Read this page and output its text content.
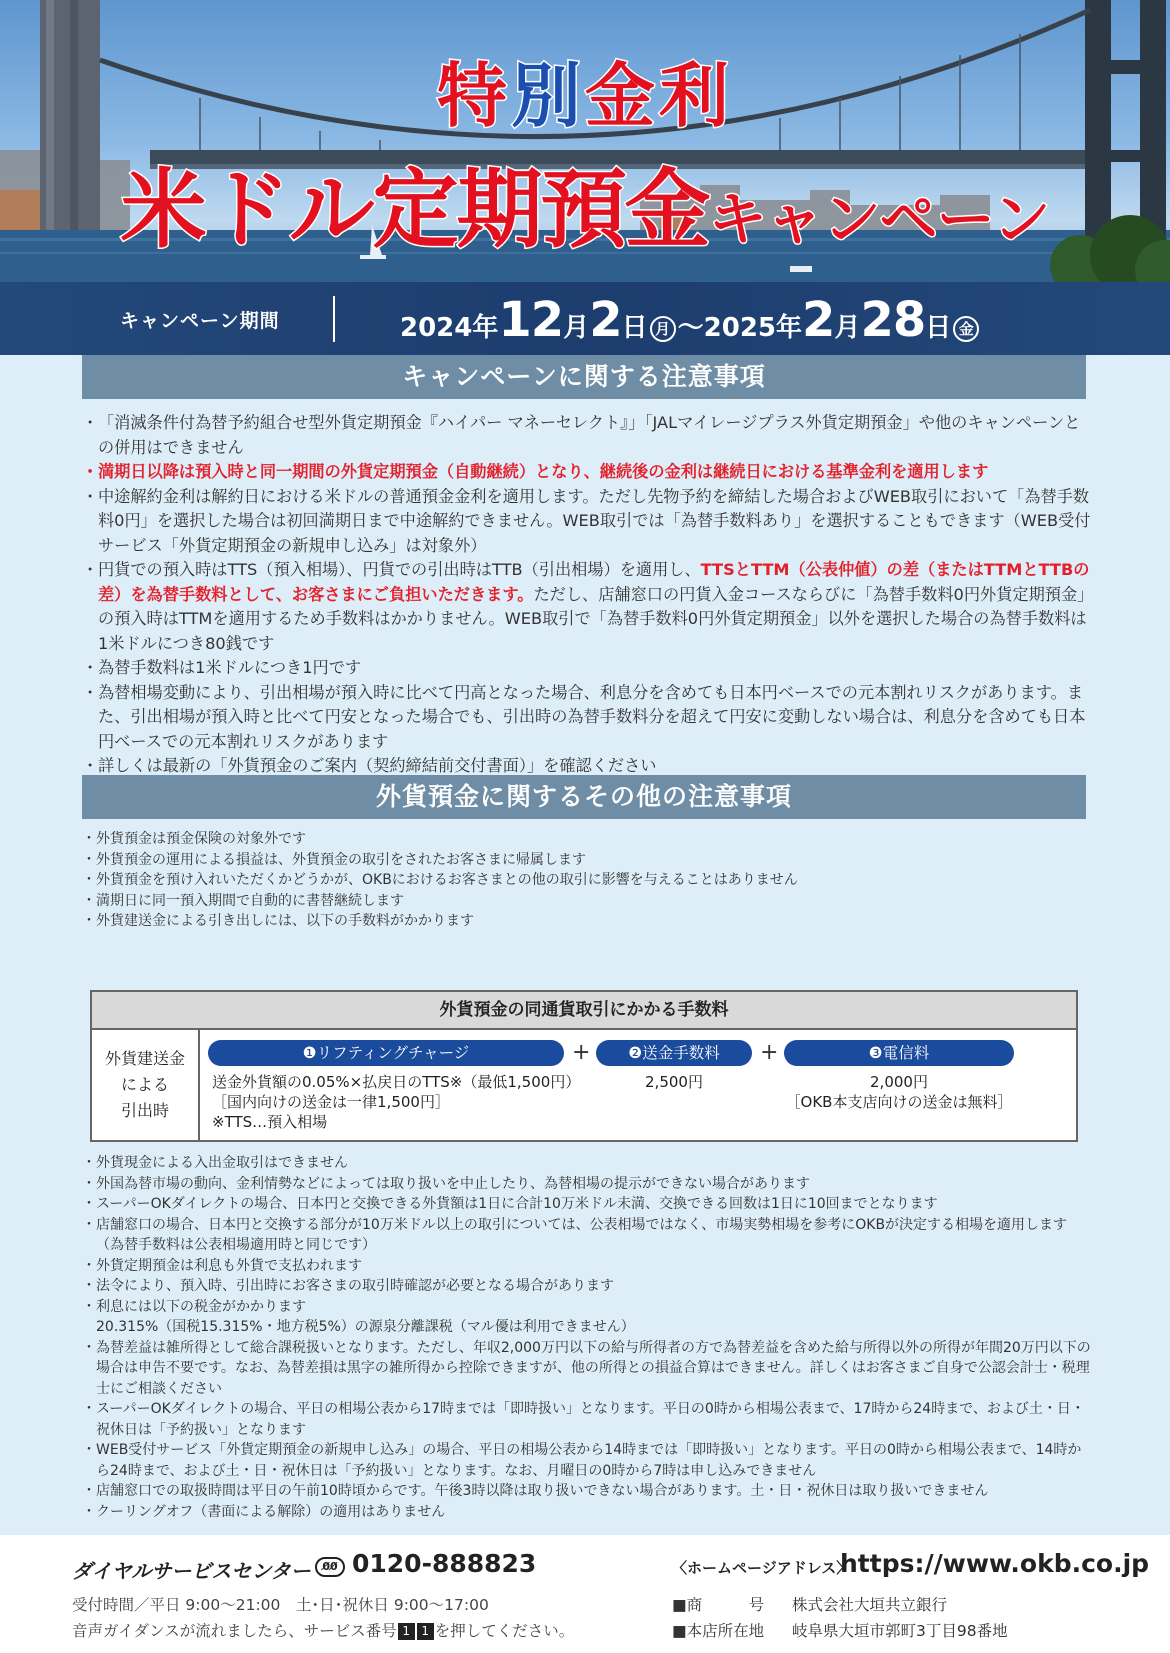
特別金利
米ドル定期預金キャンペーン
キャンペーン期間	2024年12月2日 月 〜2025年2月28日 金
キャンペーンに関する注意事項
・ 「消滅条件付為替予約組合せ型外貨定期預金『ハイパー マネーセレクト』」「JALマイレージプラス外貨定期預金」や他のキャンペーンとの併用はできません
・ 満期日以降は預入時と同一期間の外貨定期預金（自動継続）となり、継続後の金利は継続日における基準金利を適用します
・ 中途解約金利は解約日における米ドルの普通預金金利を適用します。ただし先物予約を締結した場合およびWEB取引において「為替手数料0円」を選択した場合は初回満期日まで中途解約できません。WEB取引では「為替手数料あり」を選択することもできます（WEB受付サービス「外貨定期預金の新規申し込み」は対象外）
・ 円貨での預入時はTTS（預入相場）、円貨での引出時はTTB（引出相場）を適用し、TTSとTTM（公表仲値）の差（またはTTMとTTBの差）を為替手数料として、お客さまにご負担いただきます。ただし、店舗窓口の円貨入金コースならびに「為替手数料0円外貨定期預金」の預入時はTTMを適用するため手数料はかかりません。WEB取引で「為替手数料0円外貨定期預金」以外を選択した場合の為替手数料は1米ドルにつき80銭です
・ 為替手数料は1米ドルにつき1円です
・ 為替相場変動により、引出相場が預入時に比べて円高となった場合、利息分を含めても日本円ベースでの元本割れリスクがあります。また、引出相場が預入時と比べて円安となった場合でも、引出時の為替手数料分を超えて円安に変動しない場合は、利息分を含めても日本円ベースでの元本割れリスクがあります
・ 詳しくは最新の「外貨預金のご案内（契約締結前交付書面）」を確認ください
外貨預金に関するその他の注意事項
・ 外貨預金は預金保険の対象外です
・ 外貨預金の運用による損益は、外貨預金の取引をされたお客さまに帰属します
・ 外貨預金を預け入れいただくかどうかが、OKBにおけるお客さまとの他の取引に影響を与えることはありません
・ 満期日に同一預入期間で自動的に書替継続します
・ 外貨建送金による引き出しには、以下の手数料がかかります
・ 外貨現金による入出金取引はできません
・ 外国為替市場の動向、金利情勢などによっては取り扱いを中止したり、為替相場の提示ができない場合があります
・ スーパーOKダイレクトの場合、日本円と交換できる外貨額は1日に合計10万米ドル未満、交換できる回数は1日に10回までとなります
・ 店舗窓口の場合、日本円と交換する部分が10万米ドル以上の取引については、公表相場ではなく、市場実勢相場を参考にOKBが決定する相場を適用します（為替手数料は公表相場適用時と同じです）
・ 外貨定期預金は利息も外貨で支払われます
・ 法令により、預入時、引出時にお客さまの取引時確認が必要となる場合があります
・ 利息には以下の税金がかかります
20.315%（国税15.315%・地方税5%）の源泉分離課税（マル優は利用できません）
・ 為替差益は雑所得として総合課税扱いとなります。ただし、年収2,000万円以下の給与所得者の方で為替差益を含めた給与所得以外の所得が年間20万円以下の場合は申告不要です。なお、為替差損は黒字の雑所得から控除できますが、他の所得との損益合算はできません。詳しくはお客さまご自身で公認会計士・税理士にご相談ください
・ スーパーOKダイレクトの場合、平日の相場公表から17時までは「即時扱い」となります。平日の0時から相場公表まで、17時から24時まで、および土・日・祝休日は「予約扱い」となります
・ WEB受付サービス「外貨定期預金の新規申し込み」の場合、平日の相場公表から14時までは「即時扱い」となります。平日の0時から相場公表まで、14時から24時まで、および土・日・祝休日は「予約扱い」となります。なお、月曜日の0時から7時は申し込みできません
・ 店舗窓口での取扱時間は平日の午前10時頃からです。午後3時以降は取り扱いできない場合があります。土・日・祝休日は取り扱いできません
・ クーリングオフ（書面による解除）の適用はありません
外貨預金の同通貨取引にかかる手数料
外貨建送金
による
引出時
❶リフティングチャージ	+	❷送金手数料	+	❸電信料
送金外貨額の0.05%×払戻日のTTS※（最低1,500円）
［国内向けの送金は一律1,500円］
※TTS…預入相場
2,500円	2,000円
［OKB本支店向けの送金は無料］
ダイヤルサービスセンター	0̸0̸ 0120-888823
受付時間／平日 9:00〜21:00　土･日･祝休日 9:00〜17:00
音声ガイダンスが流れましたら、サービス番号 1 1 を押してください。
〈ホームページアドレス〉
https://www.okb.co.jp
■商　　　号 株式会社大垣共立銀行
■本店所在地 岐阜県大垣市郭町3丁目98番地
